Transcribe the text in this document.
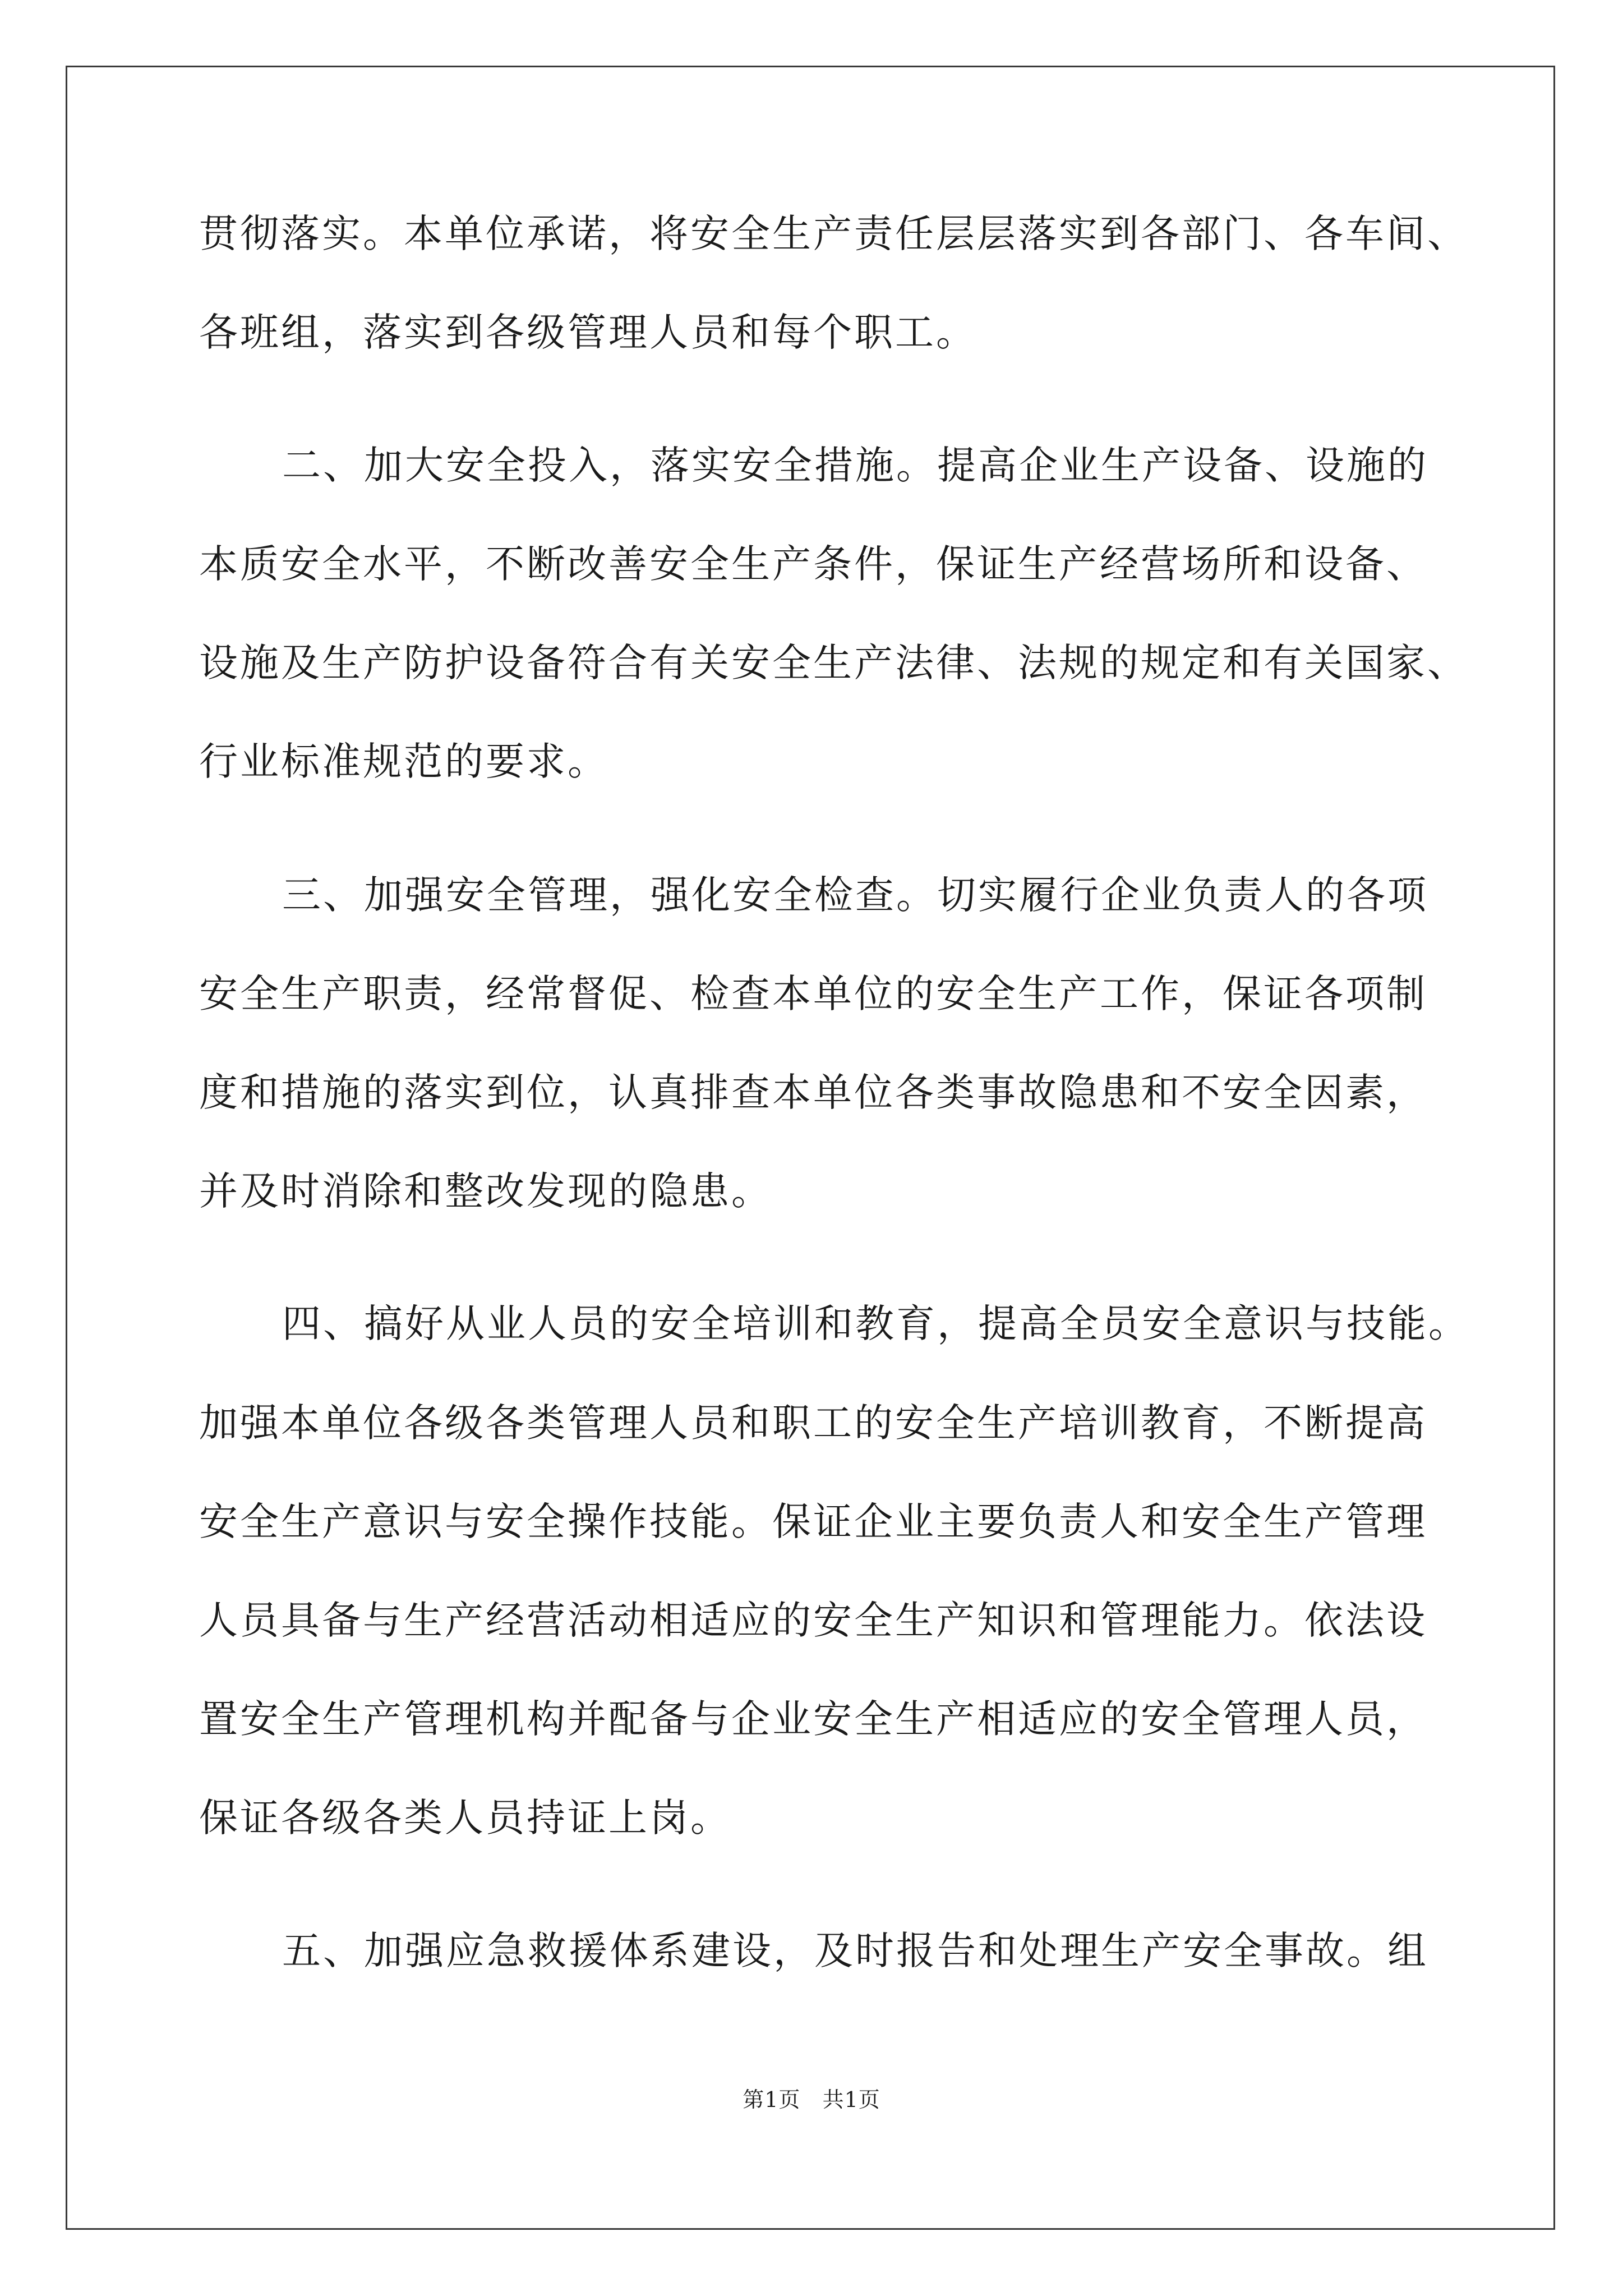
贯彻落实。本单位承诺，将安全生产责任层层落实到各部门、各车间、
各班组，落实到各级管理人员和每个职工。
二、加大安全投入，落实安全措施。提高企业生产设备、设施的
本质安全水平，不断改善安全生产条件，保证生产经营场所和设备、
设施及生产防护设备符合有关安全生产法律、法规的规定和有关国家、
行业标准规范的要求。
三、加强安全管理，强化安全检查。切实履行企业负责人的各项
安全生产职责，经常督促、检查本单位的安全生产工作，保证各项制
度和措施的落实到位，认真排查本单位各类事故隐患和不安全因素，
并及时消除和整改发现的隐患。
四、搞好从业人员的安全培训和教育，提高全员安全意识与技能。
加强本单位各级各类管理人员和职工的安全生产培训教育，不断提高
安全生产意识与安全操作技能。保证企业主要负责人和安全生产管理
人员具备与生产经营活动相适应的安全生产知识和管理能力。依法设
置安全生产管理机构并配备与企业安全生产相适应的安全管理人员，
保证各级各类人员持证上岗。
五、加强应急救援体系建设，及时报告和处理生产安全事故。组
第1页   共1页
